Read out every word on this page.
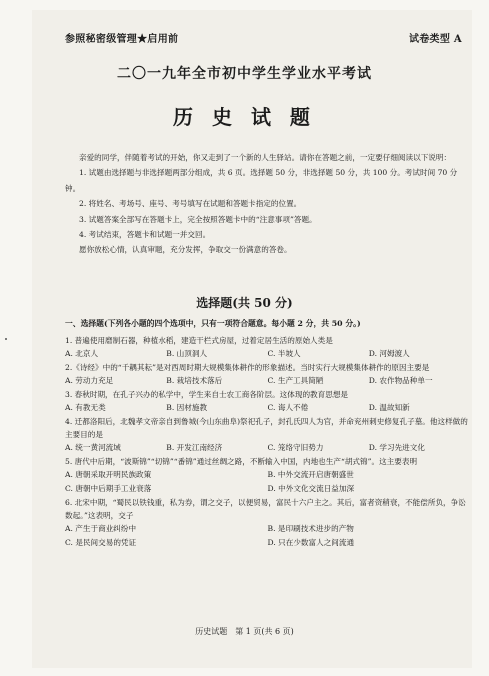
参照秘密级管理★启用前	试卷类型 A
二〇一九年全市初中学生学业水平考试
历 史 试 题

亲爱的同学，伴随着考试的开始，你又走到了一个新的人生驿站。请你在答题之前，一定要仔细阅读以下说明：

1. 试题由选择题与非选择题两部分组成，共 6 页。选择题 50 分，非选择题 50 分，共 100 分。考试时间 70 分钟。

2. 将姓名、考场号、座号、考号填写在试题和答题卡指定的位置。

3. 试题答案全部写在答题卡上，完全按照答题卡中的“注意事项”答题。

4. 考试结束，答题卡和试题一并交回。

愿你放松心情，认真审题，充分发挥，争取交一份满意的答卷。

选择题(共 50 分)
一、选择题(下列各小题的四个选项中，只有一项符合题意。每小题 2 分，共 50 分。)
1. 普遍使用磨制石器，种植水稻，建造干栏式房屋，过着定居生活的原始人类是
A. 北京人	B. 山顶洞人	C. 半坡人	D. 河姆渡人
2.《诗经》中的“千耦其耘”是对西周时期大规模集体耕作的形象描述。当时实行大规模集体耕作的原因主要是
A. 劳动力充足	B. 栽培技术落后	C. 生产工具简陋	D. 农作物品种单一
3. 春秋时期，在孔子兴办的私学中，学生来自士农工商各阶层。这体现的教育思想是
A. 有教无类	B. 因材施教	C. 诲人不倦	D. 温故知新
4. 迁都洛阳后，北魏孝文帝亲自到鲁城(今山东曲阜)祭祀孔子，封孔氏四人为官，并命兖州刺史修复孔子墓。他这样做的主要目的是
A. 统一黄河流域	B. 开发江南经济	C. 笼络守旧势力	D. 学习先进文化
5. 唐代中后期，“波斯锦”“切锦”“番锦”通过丝绸之路，不断输入中国，内地也生产“胡式锦”。这主要表明
A. 唐朝采取开明民族政策	B. 中外交流开启唐朝盛世
C. 唐朝中后期手工业衰落	D. 中外文化交流日益加深
6. 北宋中期，“蜀民以铁钱重，私为券，谓之交子，以便贸易，富民十六户主之。其后，富者资稍衰，不能偿所负，争讼数起。”这表明，交子
A. 产生于商业纠纷中	B. 是印刷技术进步的产物
C. 是民间交易的凭证	D. 只在少数富人之间流通
历史试题　第 1 页(共 6 页)
